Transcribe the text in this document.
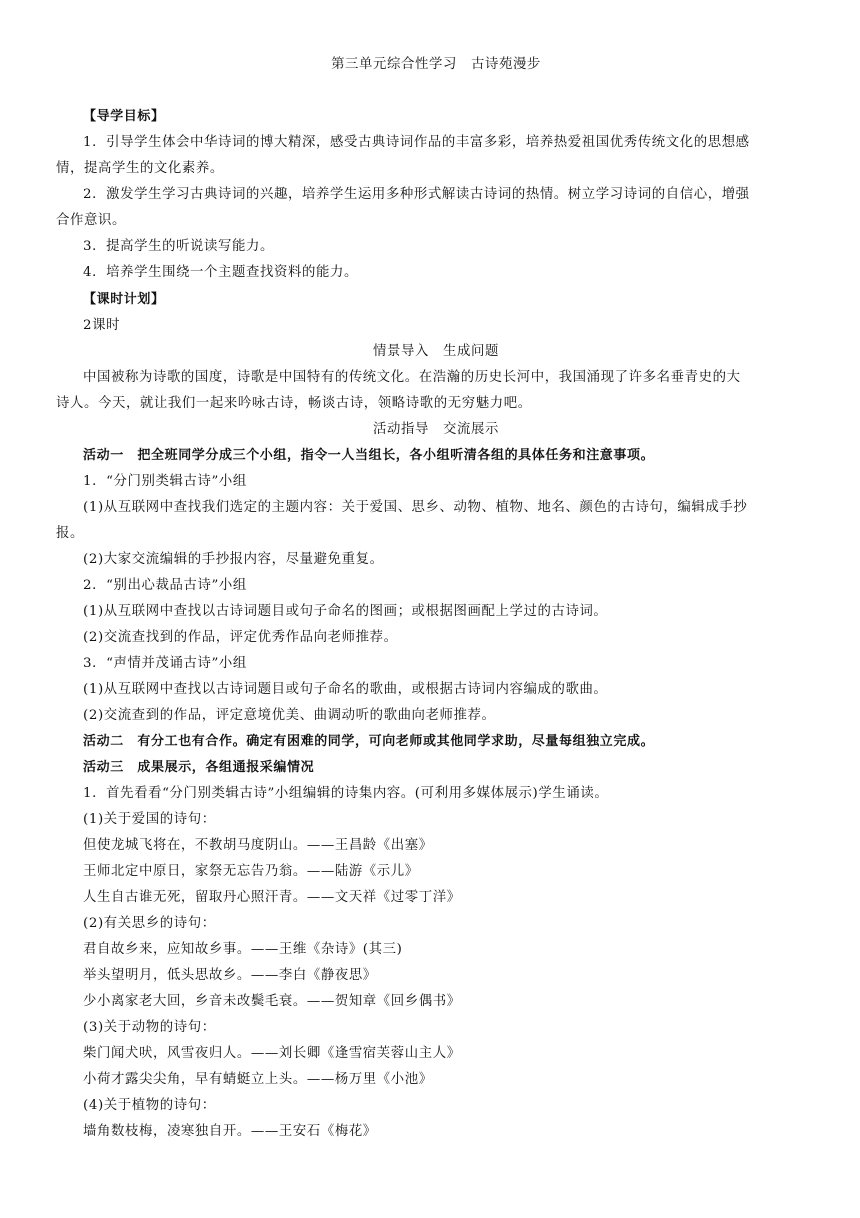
第三单元综合性学习　古诗苑漫步
【导学目标】
1．引导学生体会中华诗词的博大精深，感受古典诗词作品的丰富多彩，培养热爱祖国优秀传统文化的思想感
情，提高学生的文化素养。
2．激发学生学习古典诗词的兴趣，培养学生运用多种形式解读古诗词的热情。树立学习诗词的自信心，增强
合作意识。
3．提高学生的听说读写能力。
4．培养学生围绕一个主题查找资料的能力。
【课时计划】
2课时
情景导入　生成问题
中国被称为诗歌的国度，诗歌是中国特有的传统文化。在浩瀚的历史长河中，我国涌现了许多名垂青史的大
诗人。今天，就让我们一起来吟咏古诗，畅谈古诗，领略诗歌的无穷魅力吧。
活动指导　交流展示
活动一　把全班同学分成三个小组，指令一人当组长，各小组听清各组的具体任务和注意事项。
1．“分门别类辑古诗”小组
(1)从互联网中查找我们选定的主题内容：关于爱国、思乡、动物、植物、地名、颜色的古诗句，编辑成手抄
报。
(2)大家交流编辑的手抄报内容，尽量避免重复。
2．“别出心裁品古诗”小组
(1)从互联网中查找以古诗词题目或句子命名的图画；或根据图画配上学过的古诗词。
(2)交流查找到的作品，评定优秀作品向老师推荐。
3．“声情并茂诵古诗”小组
(1)从互联网中查找以古诗词题目或句子命名的歌曲，或根据古诗词内容编成的歌曲。
(2)交流查到的作品，评定意境优美、曲调动听的歌曲向老师推荐。
活动二　有分工也有合作。确定有困难的同学，可向老师或其他同学求助，尽量每组独立完成。
活动三　成果展示，各组通报采编情况
1．首先看看“分门别类辑古诗”小组编辑的诗集内容。(可利用多媒体展示)学生诵读。
(1)关于爱国的诗句：
但使龙城飞将在，不教胡马度阴山。——王昌龄《出塞》
王师北定中原日，家祭无忘告乃翁。——陆游《示儿》
人生自古谁无死，留取丹心照汗青。——文天祥《过零丁洋》
(2)有关思乡的诗句：
君自故乡来，应知故乡事。——王维《杂诗》(其三)
举头望明月，低头思故乡。——李白《静夜思》
少小离家老大回，乡音未改鬓毛衰。——贺知章《回乡偶书》
(3)关于动物的诗句：
柴门闻犬吠，风雪夜归人。——刘长卿《逢雪宿芙蓉山主人》
小荷才露尖尖角，早有蜻蜓立上头。——杨万里《小池》
(4)关于植物的诗句：
墙角数枝梅，凌寒独自开。——王安石《梅花》
